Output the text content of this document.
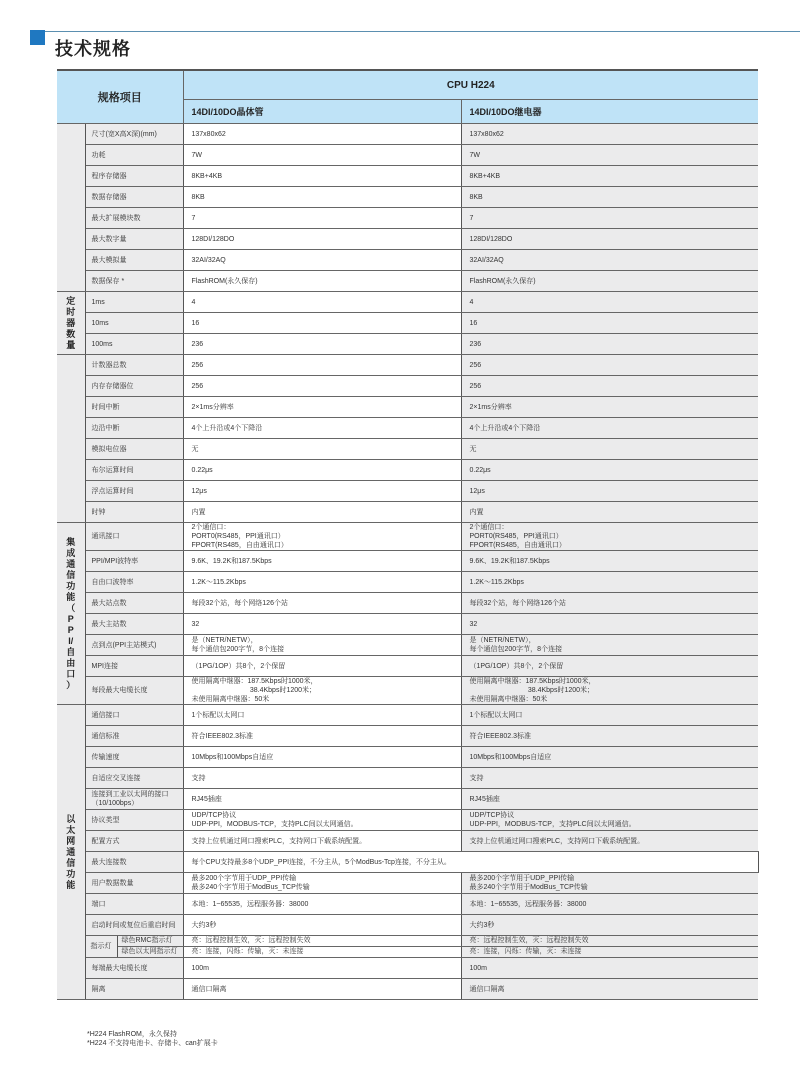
技术规格
规格项目			CPU H224	
			14DI/10DO晶体管	14DI/10DO继电器
	尺寸(宽X高X深)(mm)		137x80x62	137x80x62
	功耗		7W	7W
	程序存储器		8KB+4KB	8KB+4KB
	数据存储器		8KB	8KB
	最大扩展模块数		7	7
	最大数字量		128DI/128DO	128DI/128DO
	最大模拟量		32AI/32AQ	32AI/32AQ
	数据保存 *		FlashROM(永久保存)	FlashROM(永久保存)
定时器数量	1ms		4	4
	10ms		16	16
	100ms		236	236
	计数器总数		256	256
	内存存储器位		256	256
	时间中断		2×1ms分辨率	2×1ms分辨率
	边沿中断		4个上升沿或4个下降沿	4个上升沿或4个下降沿
	模拟电位器		无	无
	布尔运算时间		0.22μs	0.22μs
	浮点运算时间		12μs	12μs
	时钟		内置	内置
集成通信功能（PPI/自由口）	通讯接口		2个通信口：
PORT0(RS485，PPI通讯口）
FPORT(RS485，自由通讯口）	2个通信口：
PORT0(RS485，PPI通讯口）
FPORT(RS485，自由通讯口）
	PPI/MPI波特率		9.6K、19.2K和187.5Kbps	9.6K、19.2K和187.5Kbps
	自由口波特率		1.2K～115.2Kbps	1.2K～115.2Kbps
	最大站点数		每段32个站，每个网络126个站	每段32个站，每个网络126个站
	最大主站数		32	32
	点到点(PPI主站模式)		是（NETR/NETW），
每个通信包200字节，8个连接	是（NETR/NETW），
每个通信包200字节，8个连接
	MPI连接		（1PG/1OP）共8个，2个保留	（1PG/1OP）共8个，2个保留
	每段最大电缆长度		使用隔离中继器：187.5Kbps时1000米，
38.4Kbps时1200米；
未使用隔离中继器：50米	使用隔离中继器：187.5Kbps时1000米，
38.4Kbps时1200米；
未使用隔离中继器：50米
以太网通信功能	通信接口		1个标配以太网口	1个标配以太网口
	通信标准		符合IEEE802.3标准	符合IEEE802.3标准
	传输速度		10Mbps和100Mbps自适应	10Mbps和100Mbps自适应
	自适应交叉连接		支持	支持
	连接到工业以太网的接口
（10/100bps）		RJ45插座	RJ45插座
	协议类型		UDP/TCP协议
UDP-PPI，MODBUS-TCP，支持PLC间以太网通信。	UDP/TCP协议
UDP-PPI，MODBUS-TCP，支持PLC间以太网通信。
	配置方式		支持上位机通过网口搜索PLC，支持网口下载系统配置。	支持上位机通过网口搜索PLC，支持网口下载系统配置。
	最大连接数		每个CPU支持最多8个UDP_PPI连接，不分主从，5个ModBus-Tcp连接，不分主从。	
	用户数据数量		最多200个字节用于UDP_PPI传输
最多240个字节用于ModBus_TCP传输	最多200个字节用于UDP_PPI传输
最多240个字节用于ModBus_TCP传输
	端口		本地：1~65535，远程服务器：38000	本地：1~65535，远程服务器：38000
	启动时间或复位后重启时间		大约3秒	大约3秒
	指示灯	绿色RMC指示灯	亮：远程控制生效，灭：远程控制失效	亮：远程控制生效，灭：远程控制失效
		绿色以太网指示灯	亮：连接，闪烁：传输，灭：未连接	亮：连接，闪烁：传输，灭：未连接
	每端最大电缆长度		100m	100m
	隔离		通信口隔离	通信口隔离
*H224 FlashROM，永久保持
*H224 不支持电池卡、存储卡、can扩展卡
